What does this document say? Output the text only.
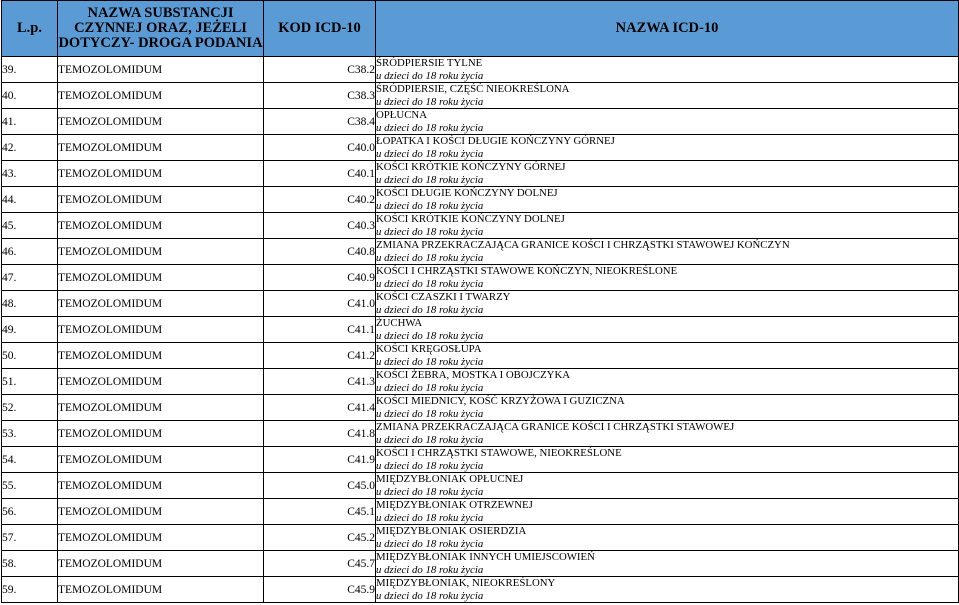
L.p.	NAZWA SUBSTANCJI CZYNNEJ ORAZ, JEŻELI DOTYCZY- DROGA PODANIA	KOD ICD-10	NAZWA ICD-10
39.	TEMOZOLOMIDUM	C38.2	ŚRÓDPIERSIE TYLNE
u dzieci do 18 roku życia

40.	TEMOZOLOMIDUM	C38.3	ŚRÓDPIERSIE, CZĘŚĆ NIEOKREŚLONA
u dzieci do 18 roku życia

41.	TEMOZOLOMIDUM	C38.4	OPŁUCNA
u dzieci do 18 roku życia

42.	TEMOZOLOMIDUM	C40.0	ŁOPATKA I KOŚCI DŁUGIE KOŃCZYNY GÓRNEJ
u dzieci do 18 roku życia

43.	TEMOZOLOMIDUM	C40.1	KOŚCI KRÓTKIE KOŃCZYNY GÓRNEJ
u dzieci do 18 roku życia

44.	TEMOZOLOMIDUM	C40.2	KOŚCI DŁUGIE KOŃCZYNY DOLNEJ
u dzieci do 18 roku życia

45.	TEMOZOLOMIDUM	C40.3	KOŚCI KRÓTKIE KOŃCZYNY DOLNEJ
u dzieci do 18 roku życia

46.	TEMOZOLOMIDUM	C40.8	ZMIANA PRZEKRACZAJĄCA GRANICE KOŚCI I CHRZĄSTKI STAWOWEJ KOŃCZYN
u dzieci do 18 roku życia

47.	TEMOZOLOMIDUM	C40.9	KOŚCI I CHRZĄSTKI STAWOWE KOŃCZYN, NIEOKREŚLONE
u dzieci do 18 roku życia

48.	TEMOZOLOMIDUM	C41.0	KOŚCI CZASZKI I TWARZY
u dzieci do 18 roku życia

49.	TEMOZOLOMIDUM	C41.1	ŻUCHWA
u dzieci do 18 roku życia

50.	TEMOZOLOMIDUM	C41.2	KOŚCI KRĘGOSŁUPA
u dzieci do 18 roku życia

51.	TEMOZOLOMIDUM	C41.3	KOŚCI ŻEBRA, MOSTKA I OBOJCZYKA
u dzieci do 18 roku życia

52.	TEMOZOLOMIDUM	C41.4	KOŚCI MIEDNICY, KOŚĆ KRZYŻOWA I GUZICZNA
u dzieci do 18 roku życia

53.	TEMOZOLOMIDUM	C41.8	ZMIANA PRZEKRACZAJĄCA GRANICE KOŚCI I CHRZĄSTKI STAWOWEJ
u dzieci do 18 roku życia

54.	TEMOZOLOMIDUM	C41.9	KOŚCI I CHRZĄSTKI STAWOWE, NIEOKREŚLONE
u dzieci do 18 roku życia

55.	TEMOZOLOMIDUM	C45.0	MIĘDZYBŁONIAK OPŁUCNEJ
u dzieci do 18 roku życia

56.	TEMOZOLOMIDUM	C45.1	MIĘDZYBŁONIAK OTRZEWNEJ
u dzieci do 18 roku życia

57.	TEMOZOLOMIDUM	C45.2	MIĘDZYBŁONIAK OSIERDZIA
u dzieci do 18 roku życia

58.	TEMOZOLOMIDUM	C45.7	MIĘDZYBŁONIAK INNYCH UMIEJSCOWIEŃ
u dzieci do 18 roku życia

59.	TEMOZOLOMIDUM	C45.9	MIĘDZYBŁONIAK, NIEOKREŚLONY
u dzieci do 18 roku życia
